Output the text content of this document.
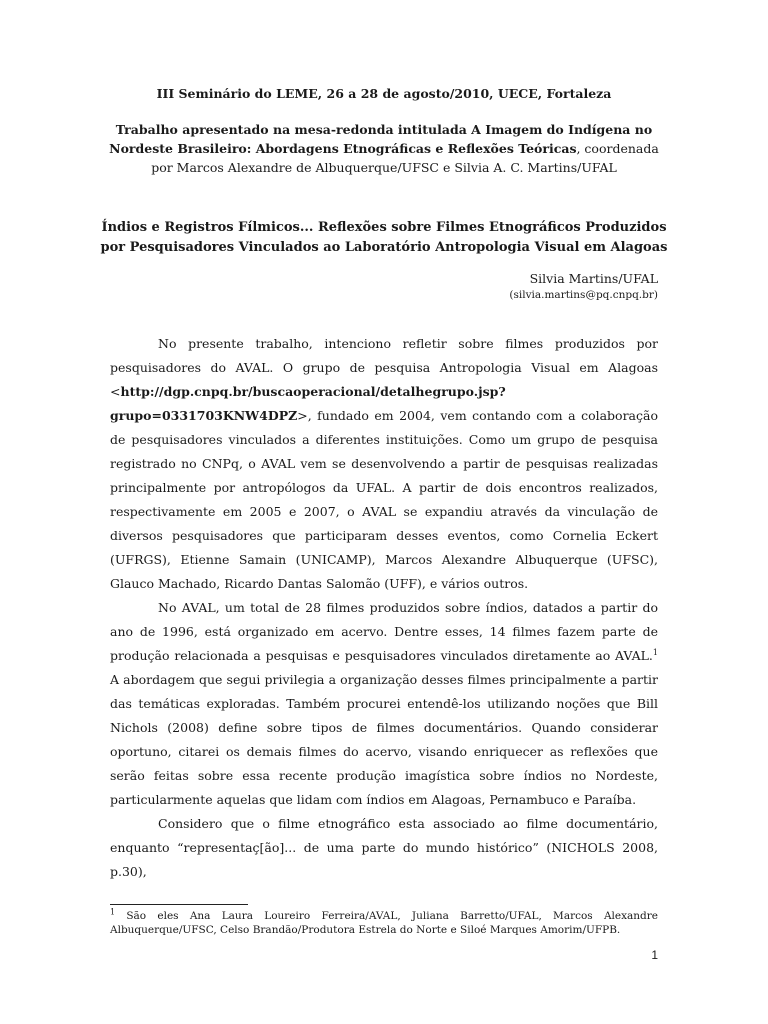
III Seminário do LEME, 26 a 28 de agosto/2010, UECE, Fortaleza
Trabalho apresentado na mesa-redonda intitulada A Imagem do Indígena no Nordeste Brasileiro: Abordagens Etnográficas e Reflexões Teóricas, coordenada por Marcos Alexandre de Albuquerque/UFSC e Silvia A. C. Martins/UFAL
Índios e Registros Fílmicos... Reflexões sobre Filmes Etnográficos Produzidos por Pesquisadores Vinculados ao Laboratório Antropologia Visual em Alagoas
Silvia Martins/UFAL
(silvia.martins@pq.cnpq.br)

No presente trabalho, intenciono refletir sobre filmes produzidos por pesquisadores do AVAL. O grupo de pesquisa Antropologia Visual em Alagoas <http://dgp.cnpq.br/buscaoperacional/detalhegrupo.jsp?grupo=0331703KNW4DPZ>, fundado em 2004, vem contando com a colaboração de pesquisadores vinculados a diferentes instituições. Como um grupo de pesquisa registrado no CNPq, o AVAL vem se desenvolvendo a partir de pesquisas realizadas principalmente por antropólogos da UFAL. A partir de dois encontros realizados, respectivamente em 2005 e 2007, o AVAL se expandiu através da vinculação de diversos pesquisadores que participaram desses eventos, como Cornelia Eckert (UFRGS), Etienne Samain (UNICAMP), Marcos Alexandre Albuquerque (UFSC), Glauco Machado, Ricardo Dantas Salomão (UFF), e vários outros.

No AVAL, um total de 28 filmes produzidos sobre índios, datados a partir do ano de 1996, está organizado em acervo. Dentre esses, 14 filmes fazem parte de produção relacionada a pesquisas e pesquisadores vinculados diretamente ao AVAL.$^1$ A abordagem que segui privilegia a organização desses filmes principalmente a partir das temáticas exploradas. Também procurei entendê-los utilizando noções que Bill Nichols (2008) define sobre tipos de filmes documentários. Quando considerar oportuno, citarei os demais filmes do acervo, visando enriquecer as reflexões que serão feitas sobre essa recente produção imagística sobre índios no Nordeste, particularmente aquelas que lidam com índios em Alagoas, Pernambuco e Paraíba.

Considero que o filme etnográfico esta associado ao filme documentário, enquanto “representaç[ão]... de uma parte do mundo histórico” (NICHOLS 2008, p.30),

$^1$ São eles Ana Laura Loureiro Ferreira/AVAL, Juliana Barretto/UFAL, Marcos Alexandre Albuquerque/UFSC, Celso Brandão/Produtora Estrela do Norte e Siloé Marques Amorim/UFPB.
1
